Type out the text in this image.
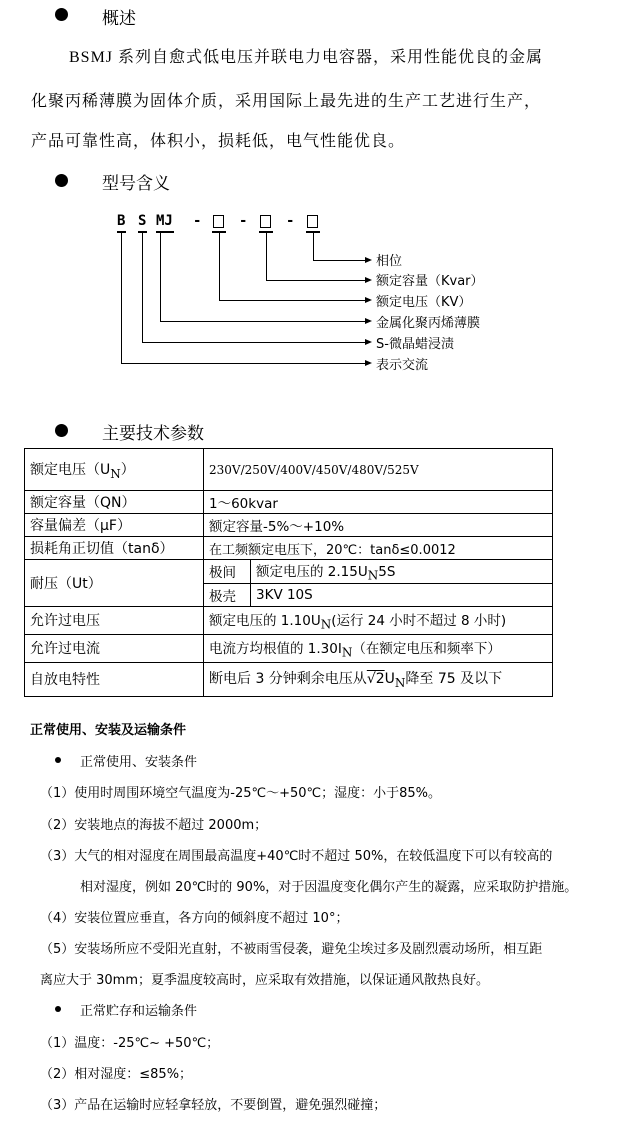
概述
BSMJ 系列自愈式低电压并联电力电容器，采用性能优良的金属
化聚丙稀薄膜为固体介质，采用国际上最先进的生产工艺进行生产，
产品可靠性高，体积小，损耗低，电气性能优良。
型号含义
B S MJ -	-	-
相位
额定容量（Kvar）
额定电压（KV）
金属化聚丙烯薄膜
S-微晶蜡浸渍
表示交流
主要技术参数
额定电压$(U_N)$	230V/250V/400V/450V/480V/525V	
额定容量（QN）	1～60kvar	
容量偏差（μF）	额定容量-5%～+10%	
损耗角正切值（tanδ）	在工频额定电压下，20℃：tanδ≤0.0012	
耐压（Ut）	极间	额定电压的 $2.15U_N5S$
	极壳	3KV 10S
允许过电压	额定电压的 $1.10U_N$(运行 24 小时不超过 8 小时)	
允许过电流	电流方均根值的 $1.30I_N$（在额定电压和频率下）	
自放电特性	断电后 3 分钟剩余电压从$√2U_N$降至 75 及以下	
正常使用、安装及运输条件
正常使用、安装条件
（1）使用时周围环境空气温度为-25℃～+50℃；湿度：小于85%。
（2）安装地点的海拔不超过 2000m；
（3）大气的相对湿度在周围最高温度+40℃时不超过 50%，在较低温度下可以有较高的
相对湿度，例如 20℃时的 90%，对于因温度变化偶尔产生的凝露，应采取防护措施。
（4）安装位置应垂直，各方向的倾斜度不超过 10°；
（5）安装场所应不受阳光直射，不被雨雪侵袭，避免尘埃过多及剧烈震动场所，相互距
离应大于 30mm；夏季温度较高时，应采取有效措施，以保证通风散热良好。
正常贮存和运输条件
（1）温度：-25℃~ +50℃；
（2）相对湿度：≤85%；
（3）产品在运输时应轻拿轻放，不要倒置，避免强烈碰撞；
